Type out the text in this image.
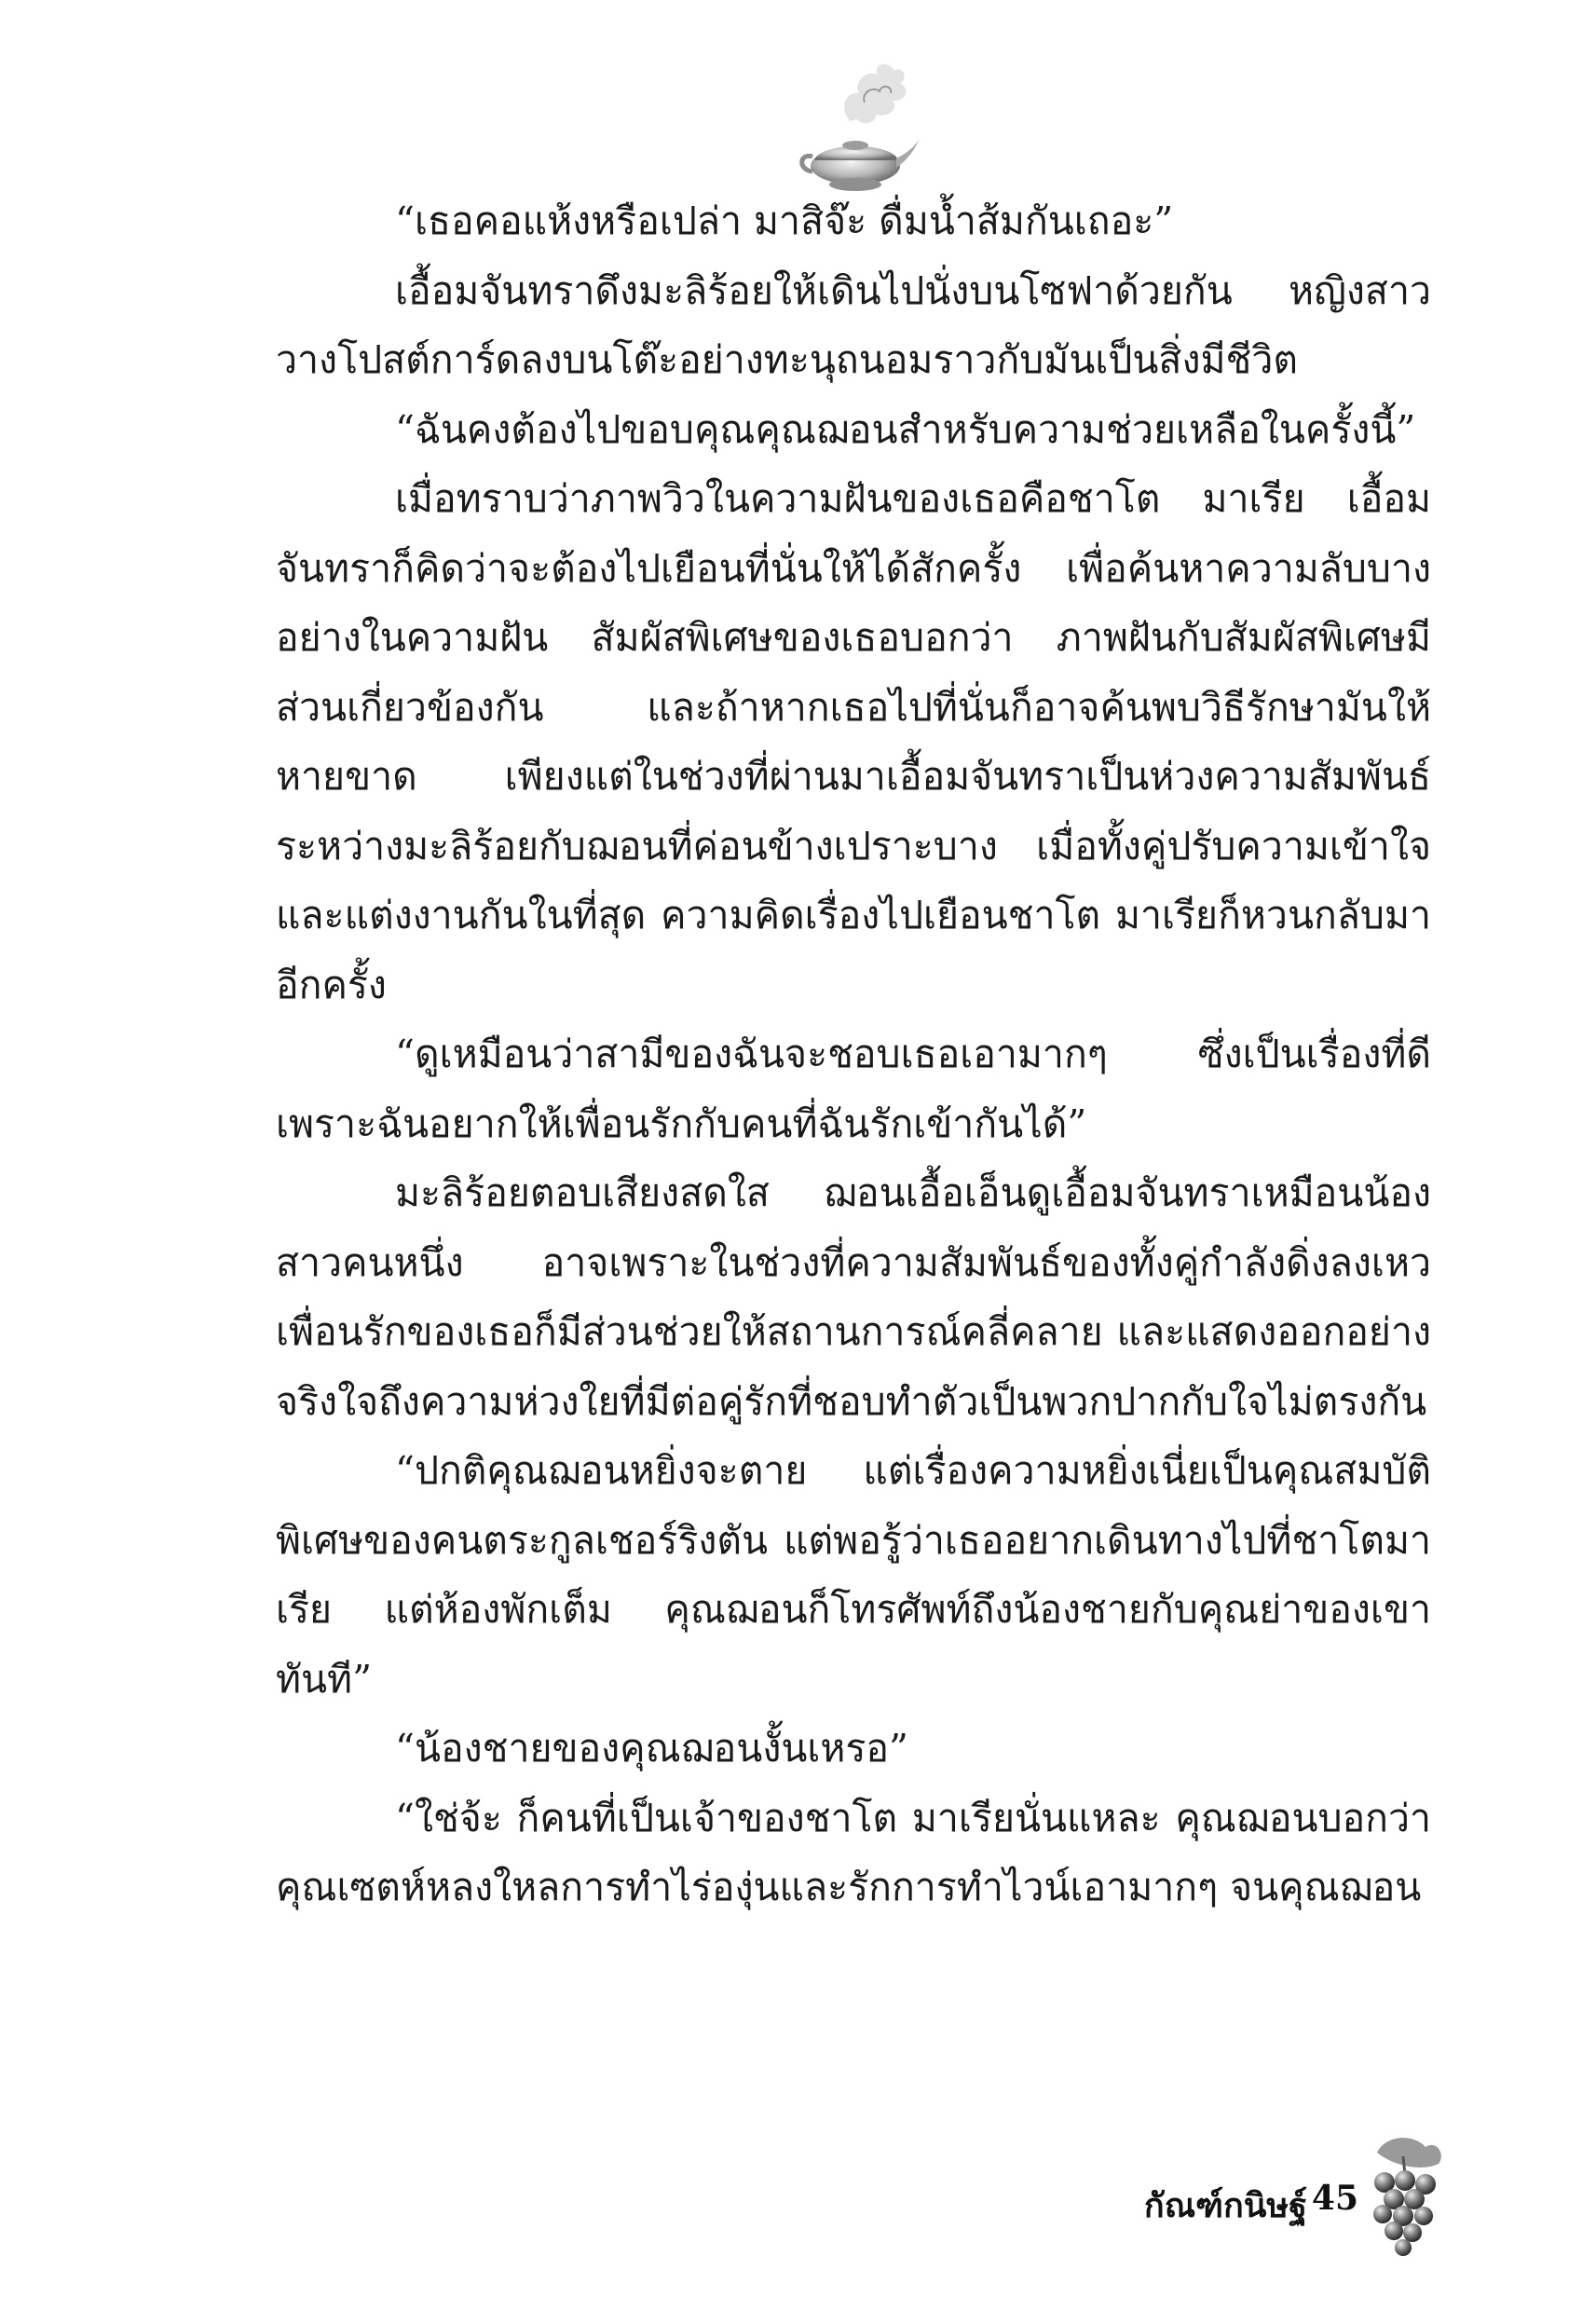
“เธอคอแห้งหรือเปล่า มาสิจ๊ะ ดื่มน้ำส้มกันเถอะ”

เอื้อมจันทราดึงมะลิร้อยให้เดินไปนั่งบนโซฟาด้วยกัน หญิงสาววางโปสต์การ์ดลงบนโต๊ะอย่างทะนุถนอมราวกับมันเป็นสิ่งมีชีวิต

“ฉันคงต้องไปขอบคุณคุณฌอนสำหรับความช่วยเหลือในครั้งนี้”

เมื่อทราบว่าภาพวิวในความฝันของเธอคือชาโต มาเรีย เอื้อมจันทราก็คิดว่าจะต้องไปเยือนที่นั่นให้ได้สักครั้ง เพื่อค้นหาความลับบางอย่างในความฝัน สัมผัสพิเศษของเธอบอกว่า ภาพฝันกับสัมผัสพิเศษมีส่วนเกี่ยวข้องกัน และถ้าหากเธอไปที่นั่นก็อาจค้นพบวิธีรักษามันให้หายขาด เพียงแต่ในช่วงที่ผ่านมาเอื้อมจันทราเป็นห่วงความสัมพันธ์ระหว่างมะลิร้อยกับฌอนที่ค่อนข้างเปราะบาง เมื่อทั้งคู่ปรับความเข้าใจและแต่งงานกันในที่สุด ความคิดเรื่องไปเยือนชาโต มาเรียก็หวนกลับมาอีกครั้ง

“ดูเหมือนว่าสามีของฉันจะชอบเธอเอามากๆ ซึ่งเป็นเรื่องที่ดีเพราะฉันอยากให้เพื่อนรักกับคนที่ฉันรักเข้ากันได้”

มะลิร้อยตอบเสียงสดใส ฌอนเอื้อเอ็นดูเอื้อมจันทราเหมือนน้องสาวคนหนึ่ง อาจเพราะในช่วงที่ความสัมพันธ์ของทั้งคู่กำลังดิ่งลงเหวเพื่อนรักของเธอก็มีส่วนช่วยให้สถานการณ์คลี่คลาย และแสดงออกอย่างจริงใจถึงความห่วงใยที่มีต่อคู่รักที่ชอบทำตัวเป็นพวกปากกับใจไม่ตรงกัน

“ปกติคุณฌอนหยิ่งจะตาย แต่เรื่องความหยิ่งเนี่ยเป็นคุณสมบัติพิเศษของคนตระกูลเชอร์ริงตัน แต่พอรู้ว่าเธออยากเดินทางไปที่ชาโตมาเรีย แต่ห้องพักเต็ม คุณฌอนก็โทรศัพท์ถึงน้องชายกับคุณย่าของเขาทันที”

“น้องชายของคุณฌอนงั้นเหรอ”

“ใช่จ้ะ ก็คนที่เป็นเจ้าของชาโต มาเรียนั่นแหละ คุณฌอนบอกว่าคุณเซตห์หลงใหลการทำไร่องุ่นและรักการทำไวน์เอามากๆ จนคุณฌอน

กัณฑ์กนิษฐ์ 45
